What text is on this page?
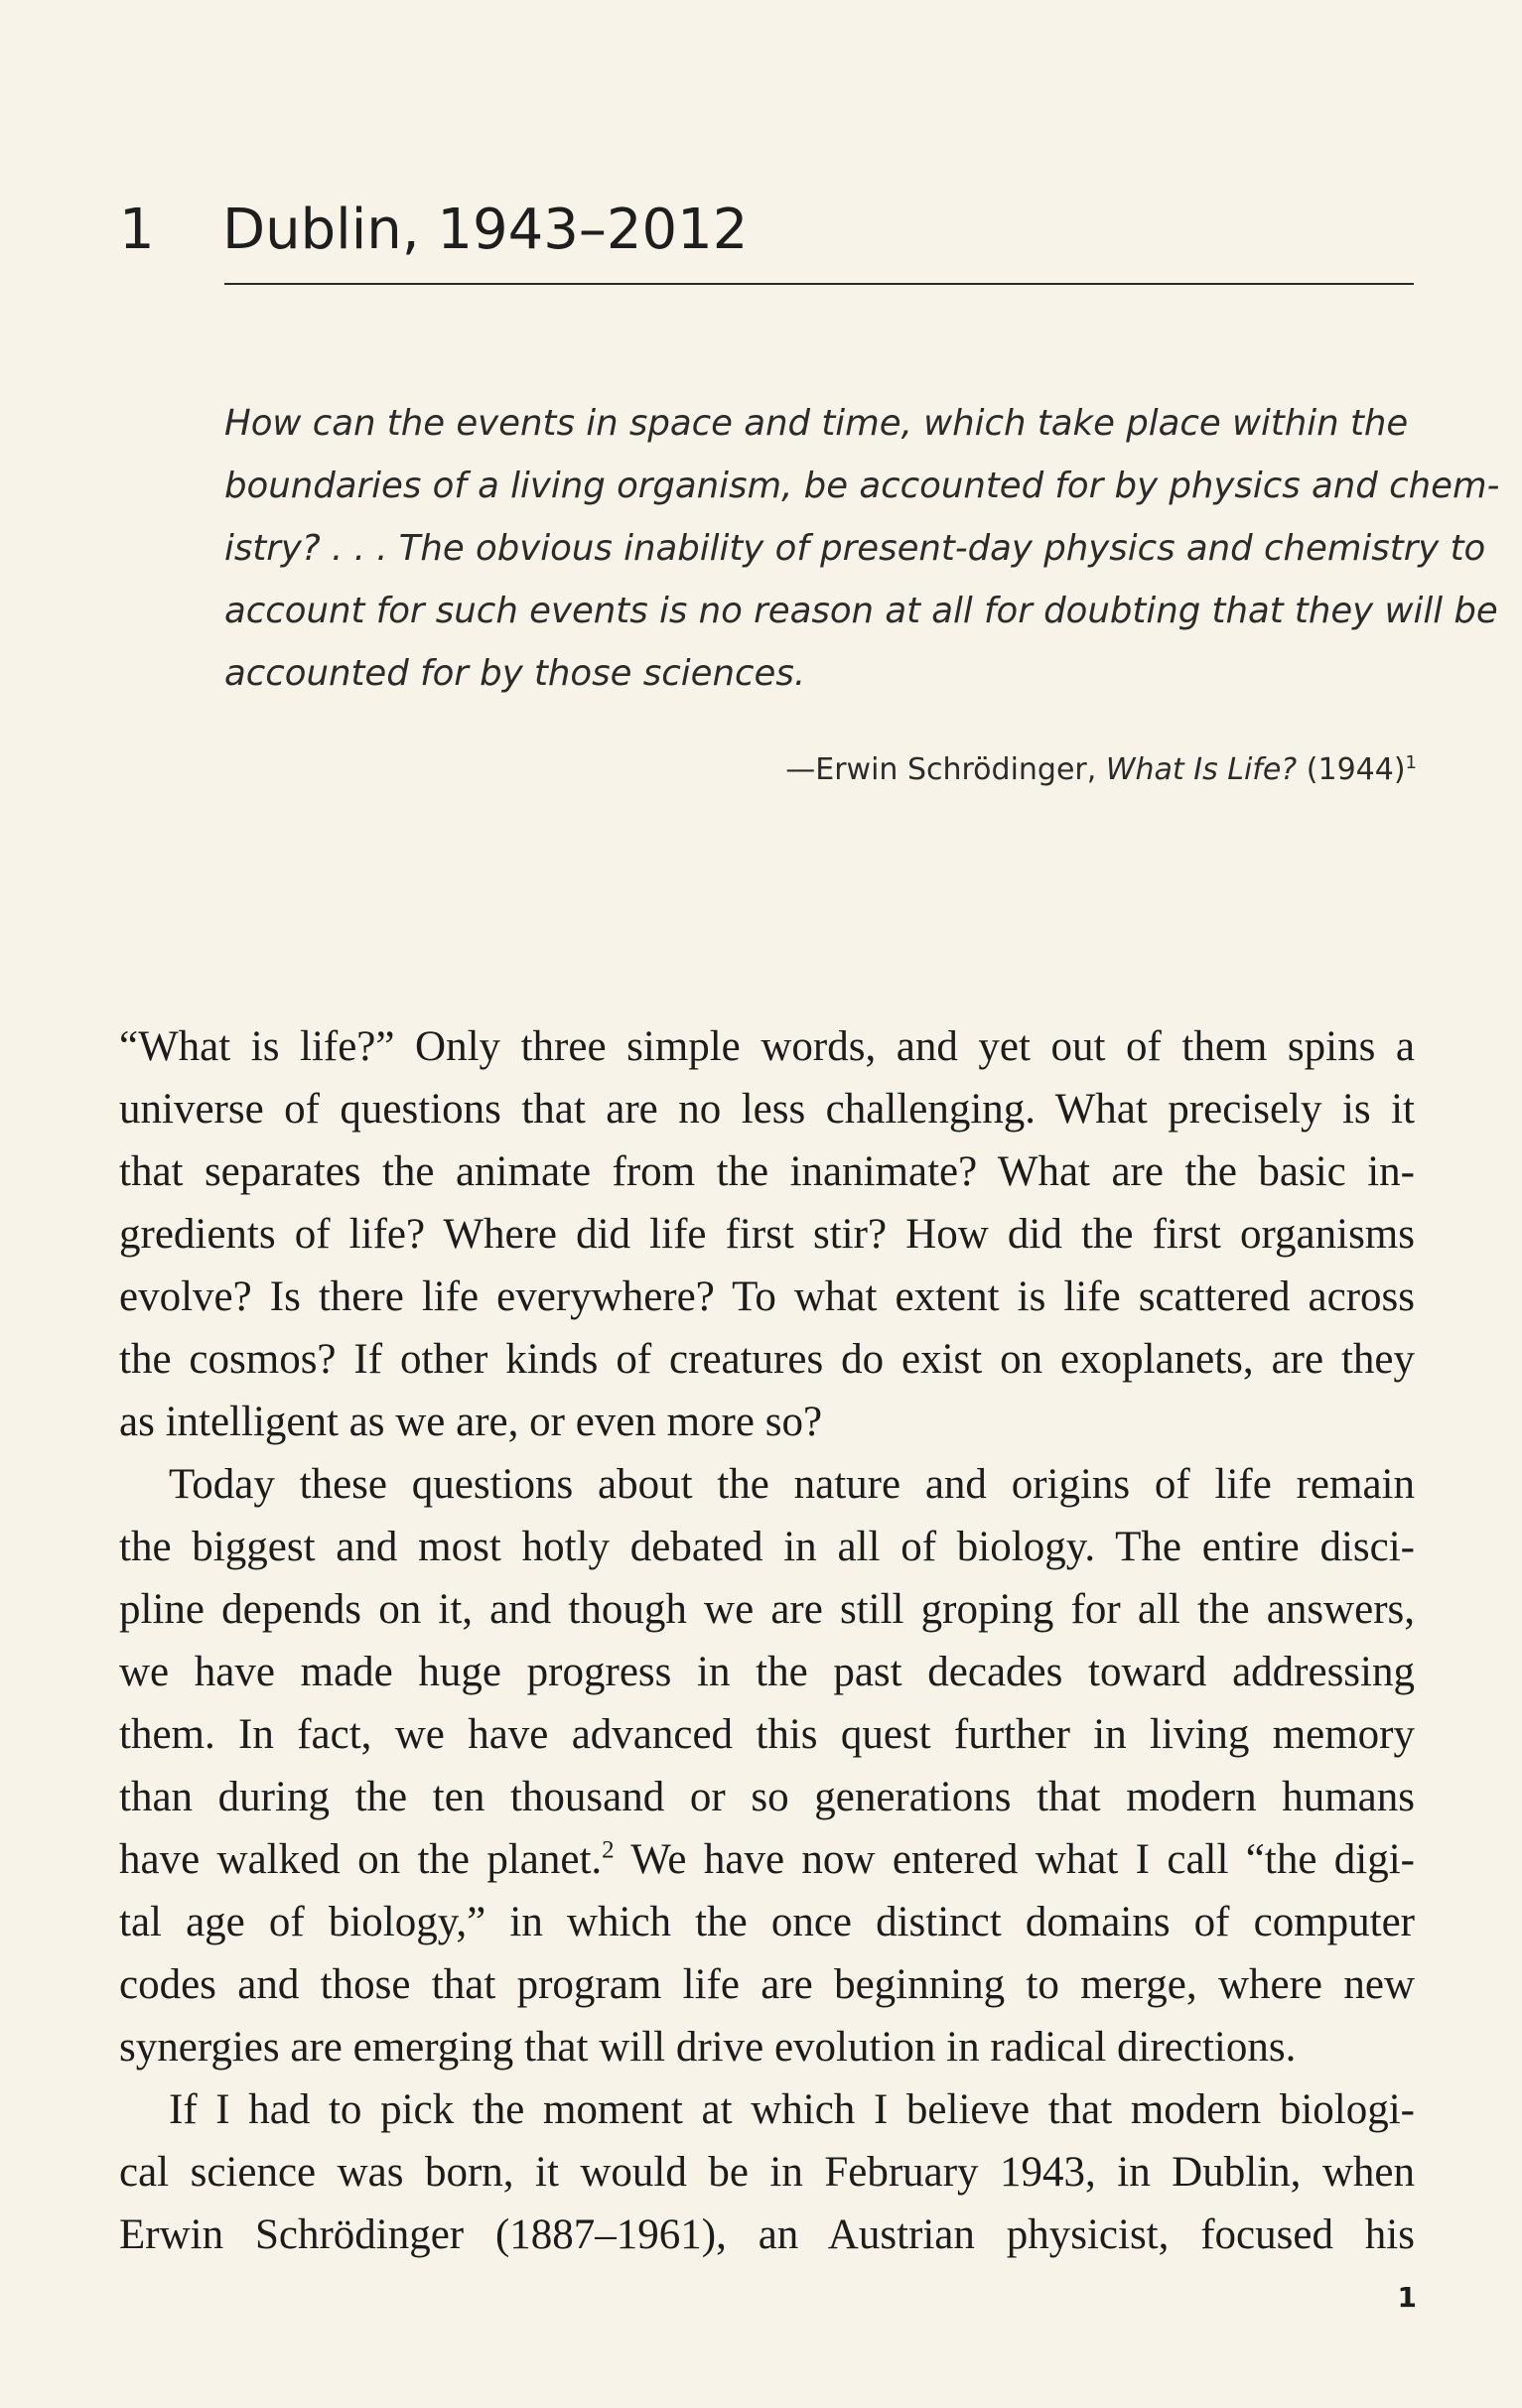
1 Dublin, 1943–2012
How can the events in space and time, which take place within the
boundaries of a living organism, be accounted for by physics and chem-
istry? . . . The obvious inability of present-day physics and chemistry to
account for such events is no reason at all for doubting that they will be
accounted for by those sciences.
—Erwin Schrödinger, What Is Life? $(1944)^1$
“What is life?” Only three simple words, and yet out of them spins a
universe of questions that are no less challenging. What precisely is it
that separates the animate from the inanimate? What are the basic in-
gredients of life? Where did life first stir? How did the first organisms
evolve? Is there life everywhere? To what extent is life scattered across
the cosmos? If other kinds of creatures do exist on exoplanets, are they
as intelligent as we are, or even more so?
Today these questions about the nature and origins of life remain
the biggest and most hotly debated in all of biology. The entire disci-
pline depends on it, and though we are still groping for all the answers,
we have made huge progress in the past decades toward addressing
them. In fact, we have advanced this quest further in living memory
than during the ten thousand or so generations that modern humans
have walked on the planet.$^2$ We have now entered what I call “the digi-
tal age of biology,” in which the once distinct domains of computer
codes and those that program life are beginning to merge, where new
synergies are emerging that will drive evolution in radical directions.
If I had to pick the moment at which I believe that modern biologi-
cal science was born, it would be in February 1943, in Dublin, when
Erwin Schrödinger (1887–1961), an Austrian physicist, focused his
1
